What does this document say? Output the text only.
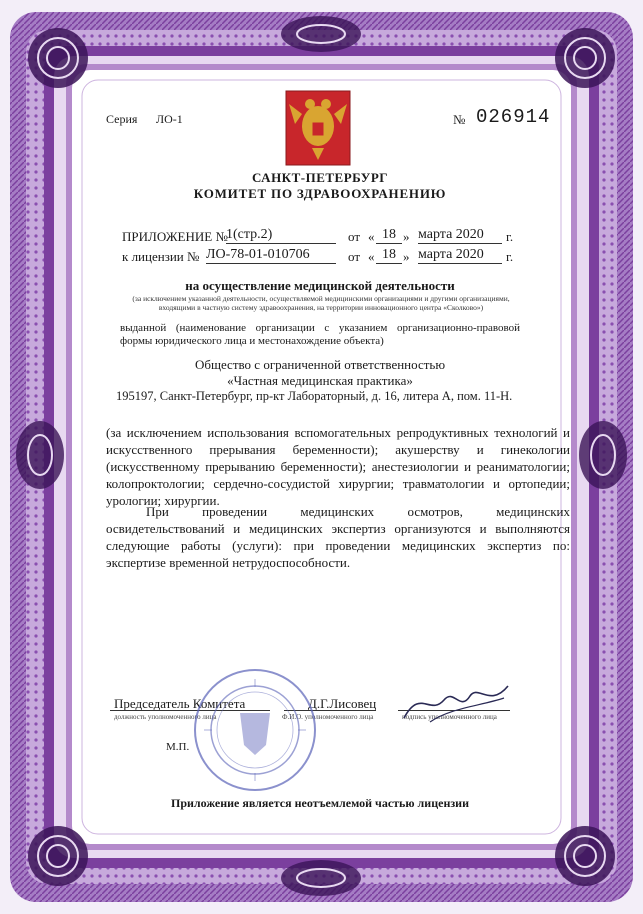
Серия ЛО-1	№ 026914
САНКТ-ПЕТЕРБУРГ
КОМИТЕТ ПО ЗДРАВООХРАНЕНИЮ
ПРИЛОЖЕНИЕ №
1(стр.2)	от « 18 » марта 2020	г.
к лицензии № ЛО-78-01-010706	от « 18 » марта 2020	г.
на осуществление медицинской деятельности
(за исключением указанной деятельности, осуществляемой медицинскими организациями и другими организациями, входящими в частную систему здравоохранения, на территории инновационного центра «Сколково»)
выданной (наименование организации с указанием организационно-правовой формы юридического лица и местонахождение объекта)
Общество с ограниченной ответственностью
«Частная медицинская практика»
195197, Санкт-Петербург, пр-кт Лабораторный, д. 16, литера А, пом. 11-Н.
(за исключением использования вспомогательных репродуктивных технологий и искусственного прерывания беременности); акушерству и гинекологии (искусственному прерыванию беременности); анестезиологии и реаниматологии; колопроктологии; сердечно-сосудистой хирургии; травматологии и ортопедии; урологии; хирургии.
При проведении медицинских осмотров, медицинских освидетельствований и медицинских экспертиз организуются и выполняются следующие работы (услуги): при проведении медицинских экспертиз по: экспертизе временной нетрудоспособности.
Председатель Комитета	Д.Г.Лисовец
должность уполномоченного лица	Ф.И.О. уполномоченного лица	подпись уполномоченного лица
М.П.
Приложение является неотъемлемой частью лицензии
